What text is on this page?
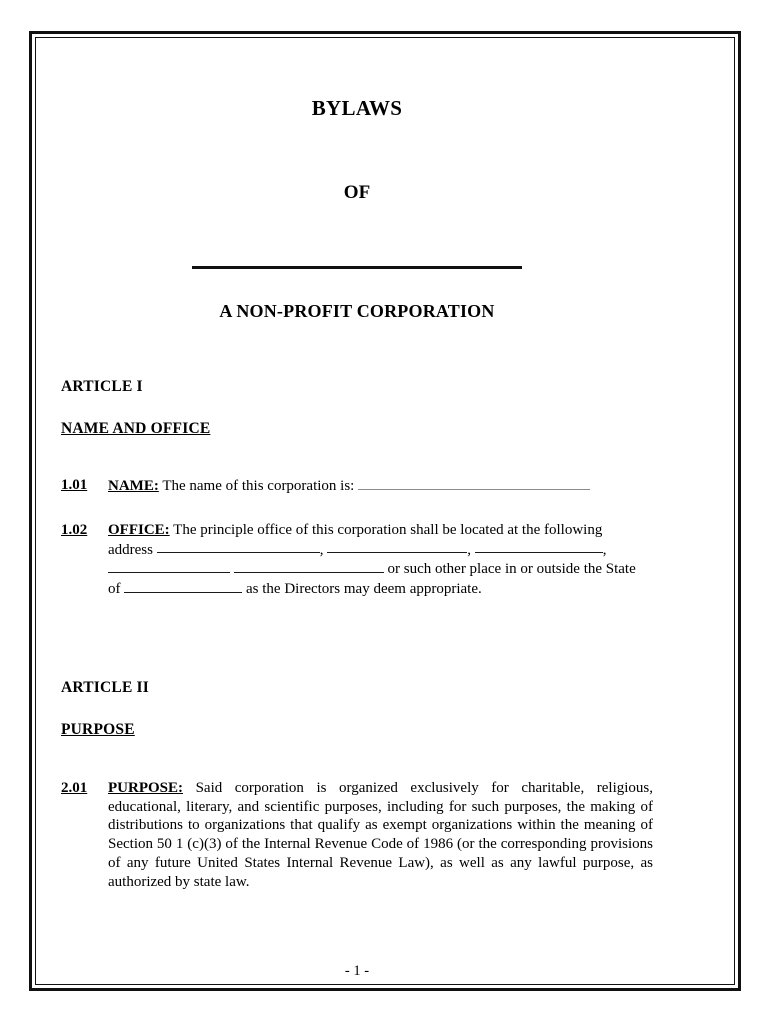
BYLAWS
OF
A NON-PROFIT CORPORATION
ARTICLE I
NAME AND OFFICE
1.01	NAME: The name of this corporation is:
1.02	OFFICE: The principle office of this corporation shall be located at the following
address	,	,	,   or such other place in or outside the State
of	as the Directors may deem appropriate.
ARTICLE II
PURPOSE
2.01	PURPOSE: Said corporation is organized exclusively for charitable, religious, educational, literary, and scientific purposes, including for such purposes, the making of distributions to organizations that qualify as exempt organizations within the meaning of Section 50 1 (c)(3) of the Internal Revenue Code of 1986 (or the corresponding provisions of any future United States Internal Revenue Law), as well as any lawful purpose, as authorized by state law.
- 1 -
